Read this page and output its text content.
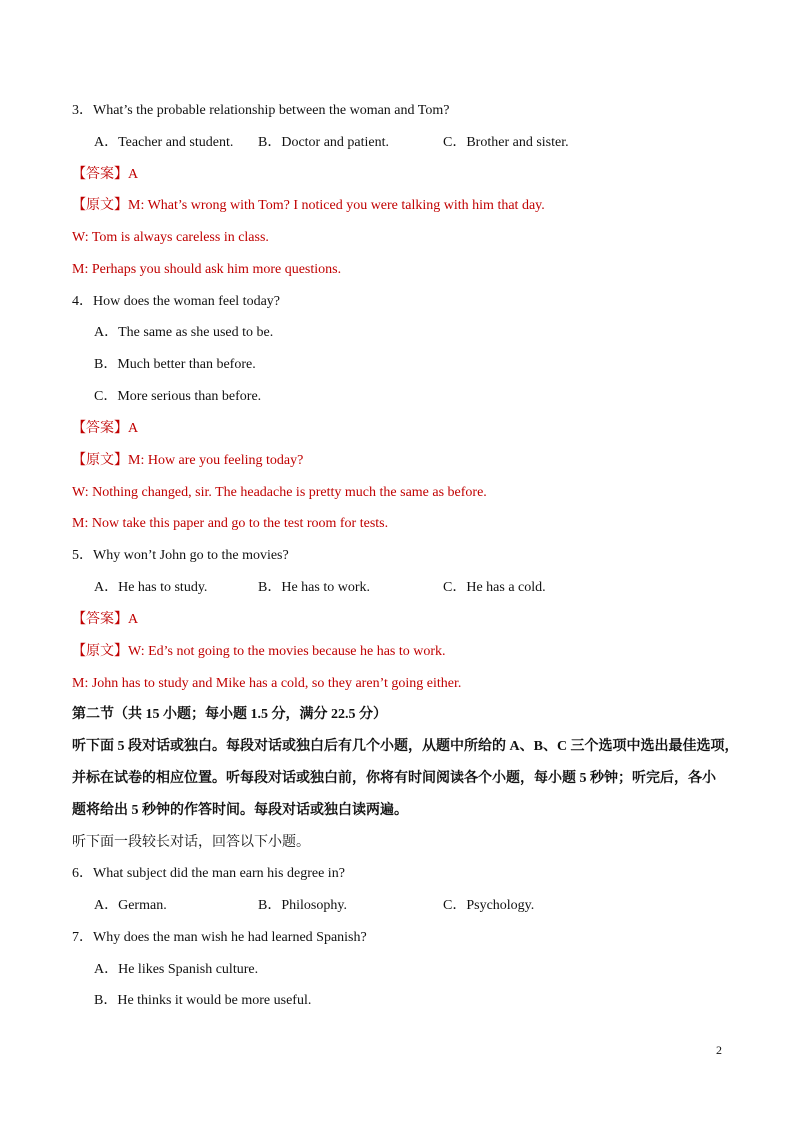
3．What’s the probable relationship between the woman and Tom?
A．Teacher and student. B．Doctor and patient.	C．Brother and sister.
【答案】A
【原文】M: What’s wrong with Tom? I noticed you were talking with him that day.
W: Tom is always careless in class.
M: Perhaps you should ask him more questions.
4．How does the woman feel today?
A．The same as she used to be.
B．Much better than before.
C．More serious than before.
【答案】A
【原文】M: How are you feeling today?
W: Nothing changed, sir. The headache is pretty much the same as before.
M: Now take this paper and go to the test room for tests.
5．Why won’t John go to the movies?
A．He has to study.	B．He has to work.	C．He has a cold.
【答案】A
【原文】W: Ed’s not going to the movies because he has to work.
M: John has to study and Mike has a cold, so they aren’t going either.
第二节（共 15 小题；每小题 1.5 分，满分 22.5 分）
听下面 5 段对话或独白。每段对话或独白后有几个小题，从题中所给的 A、B、C 三个选项中选出最佳选项，
并标在试卷的相应位置。听每段对话或独白前，你将有时间阅读各个小题，每小题 5 秒钟；听完后，各小
题将给出 5 秒钟的作答时间。每段对话或独白读两遍。
听下面一段较长对话，回答以下小题。
6．What subject did the man earn his degree in?
A．German.	B．Philosophy.	C．Psychology.
7．Why does the man wish he had learned Spanish?
A．He likes Spanish culture.
B．He thinks it would be more useful.
2
